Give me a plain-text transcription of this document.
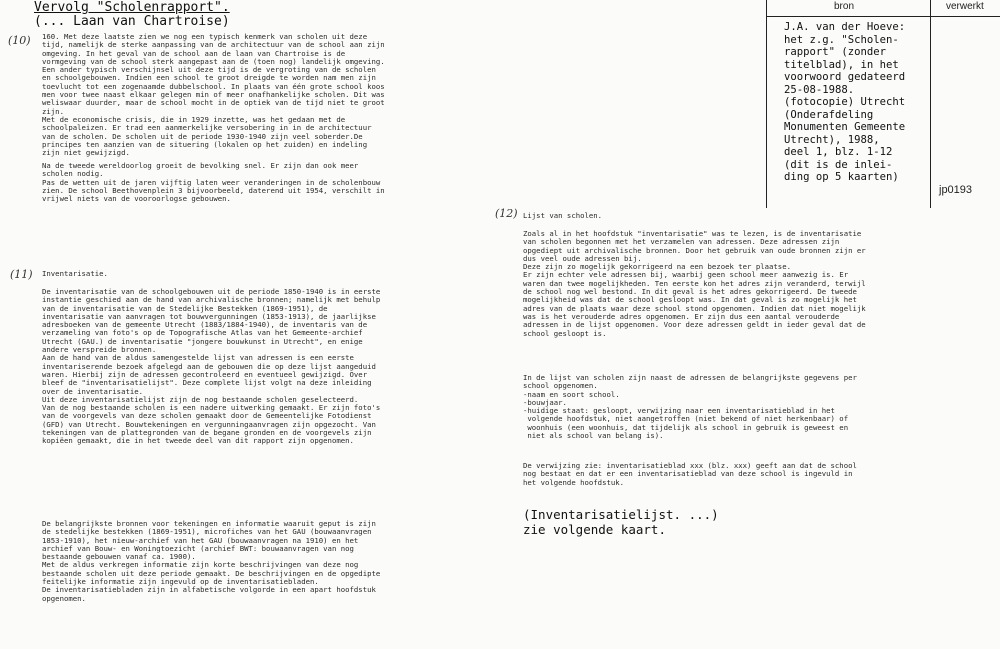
Vervolg "Scholenrapport".
(... Laan van Chartroise)
bron	verwerkt
J.A. van der Hoeve:
het z.g. "Scholen-
rapport" (zonder
titelblad), in het
voorwoord gedateerd
25-08-1988.
(fotocopie) Utrecht
(Onderafdeling
Monumenten Gemeente
Utrecht), 1988,
deel 1, blz. 1-12
(dit is de inlei-
ding op 5 kaarten)
jp0193
(10)
(11)
(12)
160. Met deze laatste zien we nog een typisch kenmerk van scholen uit deze
tijd, namelijk de sterke aanpassing van de architectuur van de school aan zijn
omgeving. In het geval van de school aan de laan van Chartroise is de
vormgeving van de school sterk aangepast aan de (toen nog) landelijk omgeving.
Een ander typisch verschijnsel uit deze tijd is de vergroting van de scholen
en schoolgebouwen. Indien een school te groot dreigde te worden nam men zijn
toevlucht tot een zogenaamde dubbelschool. In plaats van één grote school koos
men voor twee naast elkaar gelegen min of meer onafhankelijke scholen. Dit was
weliswaar duurder, maar de school mocht in de optiek van de tijd niet te groot
zijn.
Met de economische crisis, die in 1929 inzette, was het gedaan met de
schoolpaleizen. Er trad een aanmerkelijke versobering in in de architectuur
van de scholen. De scholen uit de periode 1930-1940 zijn veel soberder.De
principes ten aanzien van de situering (lokalen op het zuiden) en indeling
zijn niet gewijzigd.
Na de tweede wereldoorlog groeit de bevolking snel. Er zijn dan ook meer
scholen nodig.
Pas de wetten uit de jaren vijftig laten weer veranderingen in de scholenbouw
zien. De school Beethovenplein 3 bijvoorbeeld, daterend uit 1954, verschilt in
vrijwel niets van de vooroorlogse gebouwen.
Inventarisatie.
De inventarisatie van de schoolgebouwen uit de periode 1850-1940 is in eerste
instantie geschied aan de hand van archivalische bronnen; namelijk met behulp
van de inventarisatie van de Stedelijke Bestekken (1869-1951), de
inventarisatie van aanvragen tot bouwvergunningen (1853-1913), de jaarlijkse
adresboeken van de gemeente Utrecht (1883/1884-1940), de inventaris van de
verzameling van foto's op de Topografische Atlas van het Gemeente-archief
Utrecht (GAU.) de inventarisatie "jongere bouwkunst in Utrecht", en enige
andere verspreide bronnen.
Aan de hand van de aldus samengestelde lijst van adressen is een eerste
inventariserende bezoek afgelegd aan de gebouwen die op deze lijst aangeduid
waren. Hierbij zijn de adressen gecontroleerd en eventueel gewijzigd. Over
bleef de "inventarisatielijst". Deze complete lijst volgt na deze inleiding
over de inventarisatie.
Uit deze inventarisatielijst zijn de nog bestaande scholen geselecteerd.
Van de nog bestaande scholen is een nadere uitwerking gemaakt. Er zijn foto's
van de voorgevels van deze scholen gemaakt door de Gemeentelijke Fotodienst
(GFD) van Utrecht. Bouwtekeningen en vergunningaanvragen zijn opgezocht. Van
tekeningen van de plattegronden van de begane gronden en de voorgevels zijn
kopiëen gemaakt, die in het tweede deel van dit rapport zijn opgenomen.
De belangrijkste bronnen voor tekeningen en informatie waaruit geput is zijn
de stedelijke bestekken (1869-1951), microfiches van het GAU (bouwaanvragen
1853-1910), het nieuw-archief van het GAU (bouwaanvragen na 1910) en het
archief van Bouw- en Woningtoezicht (archief BWT: bouwaanvragen van nog
bestaande gebouwen vanaf ca. 1900).
Met de aldus verkregen informatie zijn korte beschrijvingen van deze nog
bestaande scholen uit deze periode gemaakt. De beschrijvingen en de opgedipte
feitelijke informatie zijn ingevuld op de inventarisatiebladen.
De inventarisatiebladen zijn in alfabetische volgorde in een apart hoofdstuk
opgenomen.
Lijst van scholen.
Zoals al in het hoofdstuk "inventarisatie" was te lezen, is de inventarisatie
van scholen begonnen met het verzamelen van adressen. Deze adressen zijn
opgediept uit archivalische bronnen. Door het gebruik van oude bronnen zijn er
dus veel oude adressen bij.
Deze zijn zo mogelijk gekorrigeerd na een bezoek ter plaatse.
Er zijn echter vele adressen bij, waarbij geen school meer aanwezig is. Er
waren dan twee mogelijkheden. Ten eerste kon het adres zijn veranderd, terwijl
de school nog wel bestond. In dit geval is het adres gekorrigeerd. De tweede
mogelijkheid was dat de school gesloopt was. In dat geval is zo mogelijk het
adres van de plaats waar deze school stond opgenomen. Indien dat niet mogelijk
was is het verouderde adres opgenomen. Er zijn dus een aantal verouderde
adressen in de lijst opgenomen. Voor deze adressen geldt in ieder geval dat de
school gesloopt is.
In de lijst van scholen zijn naast de adressen de belangrijkste gegevens per
school opgenomen.
-naam en soort school.
-bouwjaar.
-huidige staat: gesloopt, verwijzing naar een inventarisatieblad in het
volgende hoofdstuk, niet aangetroffen (niet bekend of niet herkenbaar) of
woonhuis (een woonhuis, dat tijdelijk als school in gebruik is geweest en
niet als school van belang is).
De verwijzing zie: inventarisatieblad xxx (blz. xxx) geeft aan dat de school
nog bestaat en dat er een inventarisatieblad van deze school is ingevuld in
het volgende hoofdstuk.
(Inventarisatielijst. ...)
zie volgende kaart.
